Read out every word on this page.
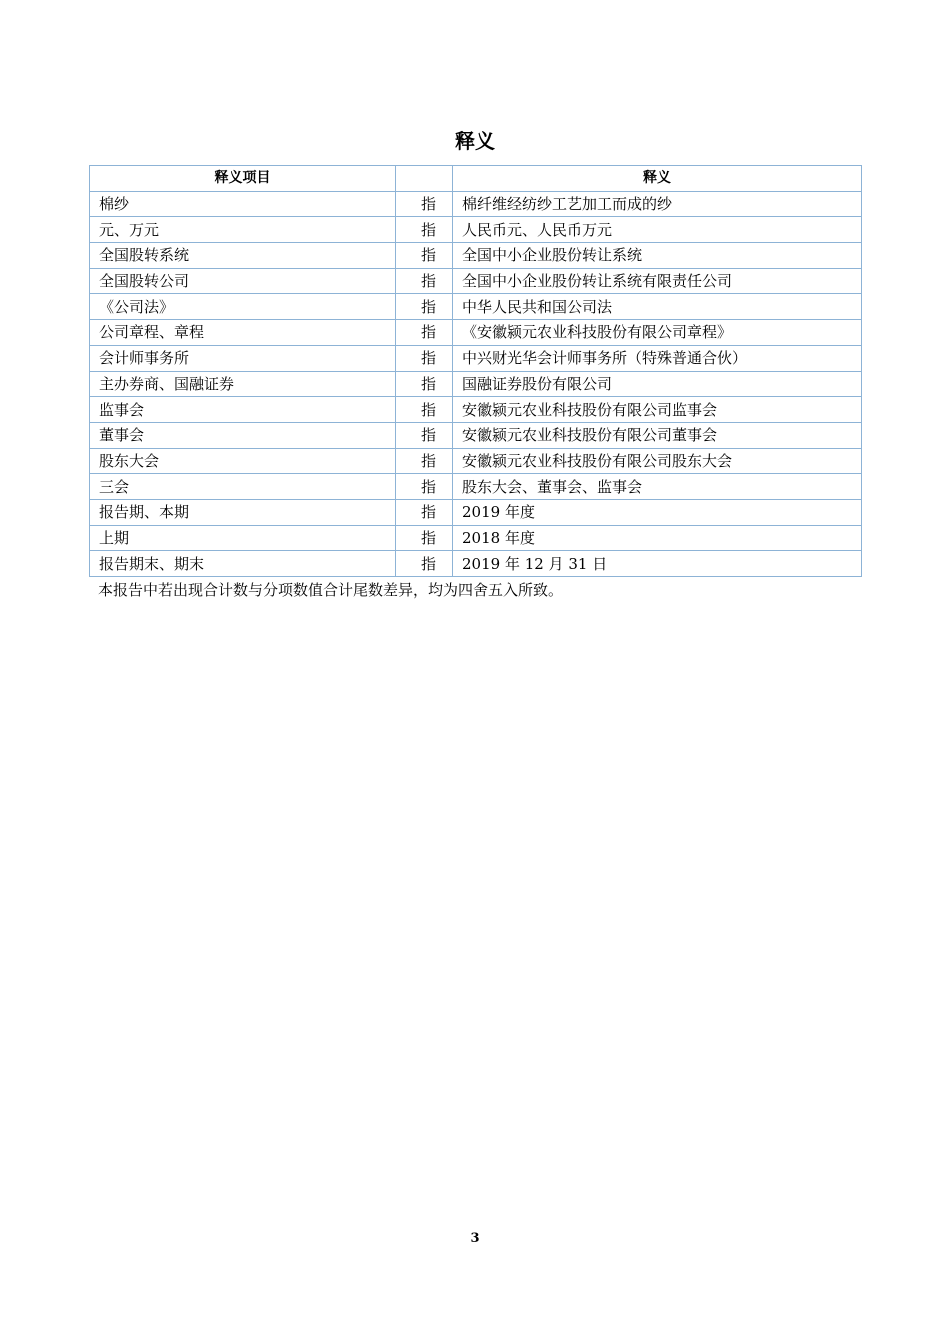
释义
释义项目		释义
棉纱	指	棉纤维经纺纱工艺加工而成的纱
元、万元	指	人民币元、人民币万元
全国股转系统	指	全国中小企业股份转让系统
全国股转公司	指	全国中小企业股份转让系统有限责任公司
《公司法》	指	中华人民共和国公司法
公司章程、章程	指	《安徽颍元农业科技股份有限公司章程》
会计师事务所	指	中兴财光华会计师事务所（特殊普通合伙）
主办券商、国融证券	指	国融证券股份有限公司
监事会	指	安徽颍元农业科技股份有限公司监事会
董事会	指	安徽颍元农业科技股份有限公司董事会
股东大会	指	安徽颍元农业科技股份有限公司股东大会
三会	指	股东大会、董事会、监事会
报告期、本期	指	2019 年度
上期	指	2018 年度
报告期末、期末	指	2019 年 12 月 31 日
本报告中若出现合计数与分项数值合计尾数差异，均为四舍五入所致。
3
